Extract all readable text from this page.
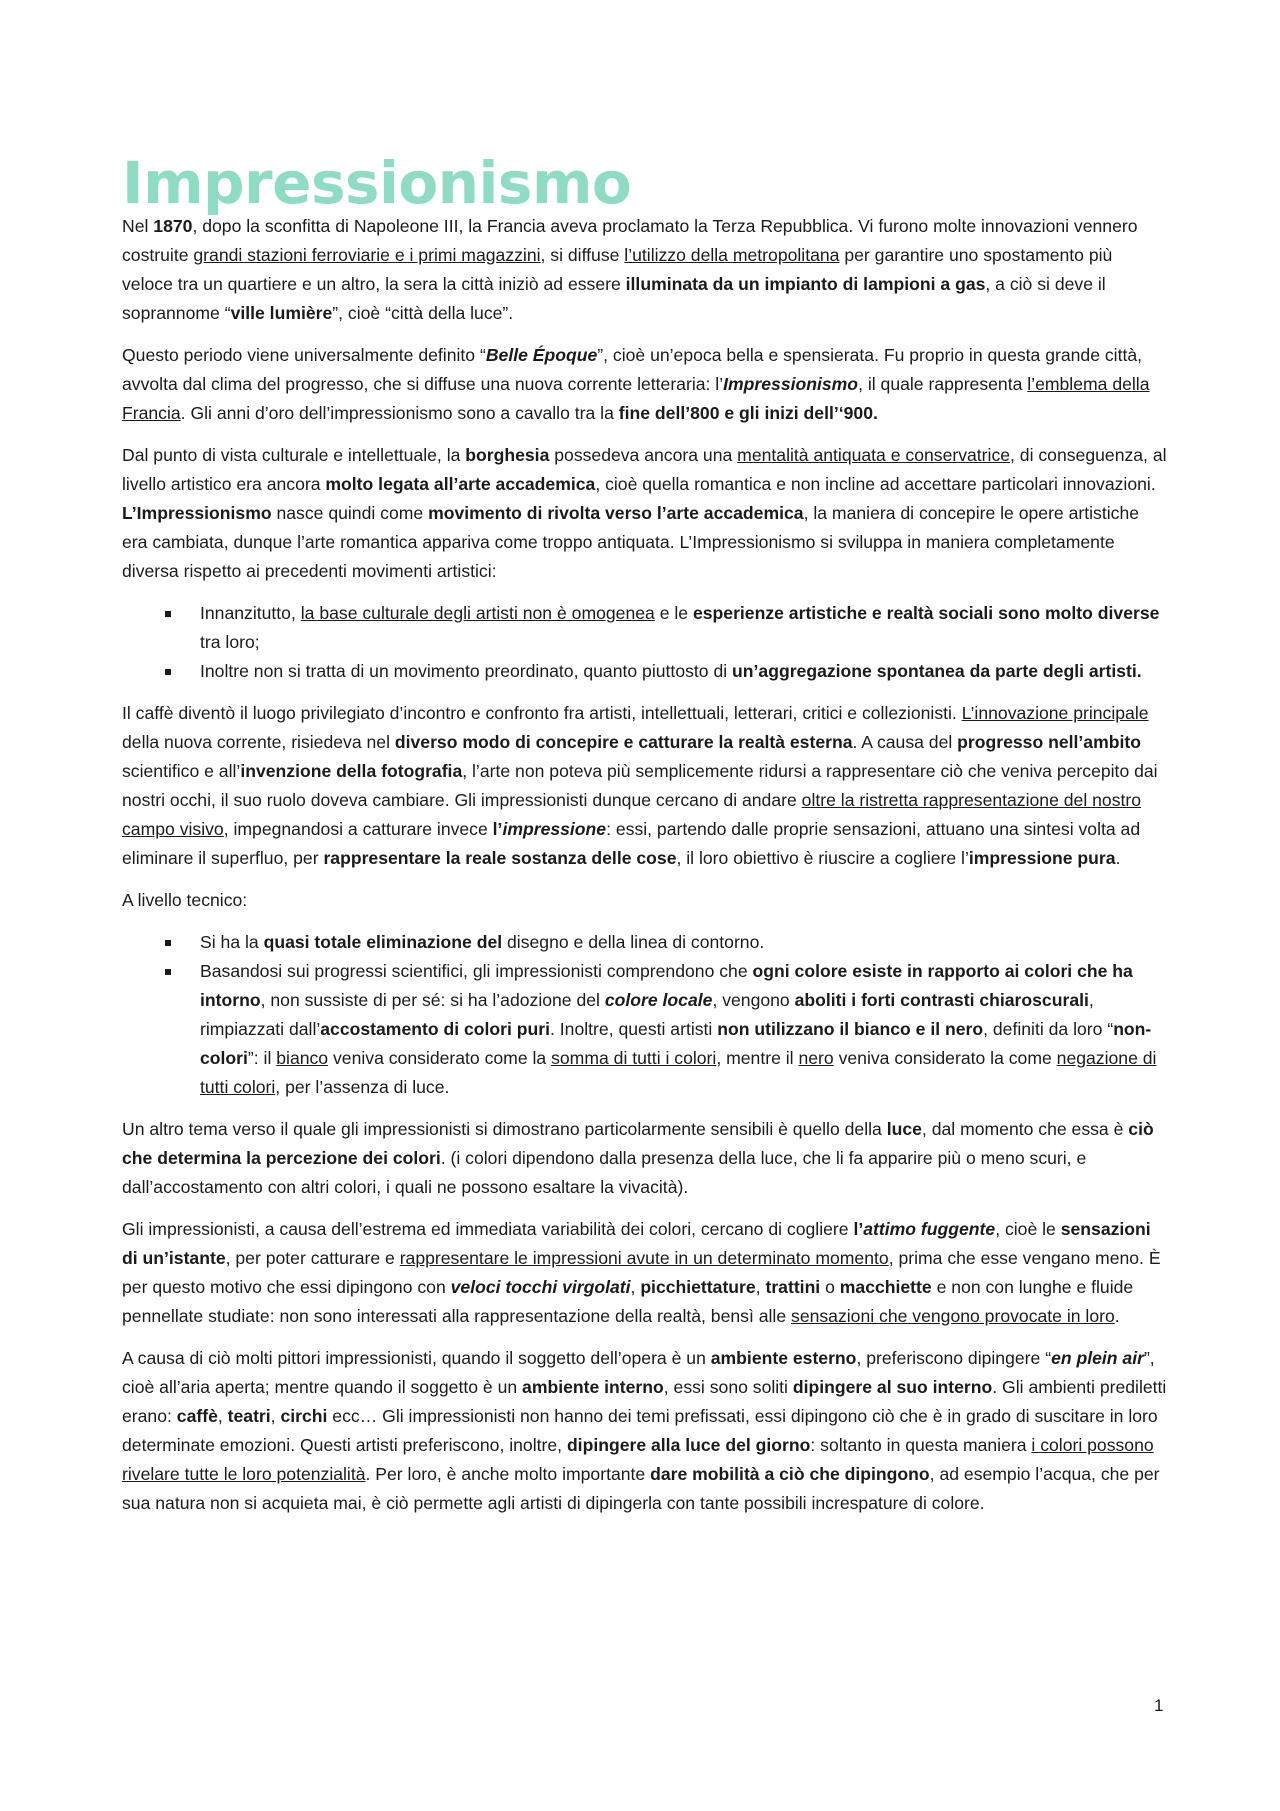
Impressionismo

Nel 1870, dopo la sconfitta di Napoleone III, la Francia aveva proclamato la Terza Repubblica. Vi furono molte innovazioni vennero costruite grandi stazioni ferroviarie e i primi magazzini, si diffuse l’utilizzo della metropolitana per garantire uno spostamento più veloce tra un quartiere e un altro, la sera la città iniziò ad essere illuminata da un impianto di lampioni a gas, a ciò si deve il soprannome “ville lumière”, cioè “città della luce”.

Questo periodo viene universalmente definito “Belle Époque”, cioè un’epoca bella e spensierata. Fu proprio in questa grande città, avvolta dal clima del progresso, che si diffuse una nuova corrente letteraria: l’Impressionismo, il quale rappresenta l’emblema della Francia. Gli anni d’oro dell’impressionismo sono a cavallo tra la fine dell’800 e gli inizi dell’‘900.

Dal punto di vista culturale e intellettuale, la borghesia possedeva ancora una mentalità antiquata e conservatrice, di conseguenza, al livello artistico era ancora molto legata all’arte accademica, cioè quella romantica e non incline ad accettare particolari innovazioni. L’Impressionismo nasce quindi come movimento di rivolta verso l’arte accademica, la maniera di concepire le opere artistiche era cambiata, dunque l’arte romantica appariva come troppo antiquata. L’Impressionismo si sviluppa in maniera completamente diversa rispetto ai precedenti movimenti artistici:

Innanzitutto, la base culturale degli artisti non è omogenea e le esperienze artistiche e realtà sociali sono molto diverse tra loro;
Inoltre non si tratta di un movimento preordinato, quanto piuttosto di un’aggregazione spontanea da parte degli artisti.

Il caffè diventò il luogo privilegiato d’incontro e confronto fra artisti, intellettuali, letterari, critici e collezionisti. L’innovazione principale della nuova corrente, risiedeva nel diverso modo di concepire e catturare la realtà esterna. A causa del progresso nell’ambito scientifico e all’invenzione della fotografia, l’arte non poteva più semplicemente ridursi a rappresentare ciò che veniva percepito dai nostri occhi, il suo ruolo doveva cambiare. Gli impressionisti dunque cercano di andare oltre la ristretta rappresentazione del nostro campo visivo, impegnandosi a catturare invece l’impressione: essi, partendo dalle proprie sensazioni, attuano una sintesi volta ad eliminare il superfluo, per rappresentare la reale sostanza delle cose, il loro obiettivo è riuscire a cogliere l’impressione pura.

A livello tecnico:

Si ha la quasi totale eliminazione del disegno e della linea di contorno.
Basandosi sui progressi scientifici, gli impressionisti comprendono che ogni colore esiste in rapporto ai colori che ha intorno, non sussiste di per sé: si ha l’adozione del colore locale, vengono aboliti i forti contrasti chiaroscurali, rimpiazzati dall’accostamento di colori puri. Inoltre, questi artisti non utilizzano il bianco e il nero, definiti da loro “non-colori”: il bianco veniva considerato come la somma di tutti i colori, mentre il nero veniva considerato la come negazione di tutti colori, per l’assenza di luce.

Un altro tema verso il quale gli impressionisti si dimostrano particolarmente sensibili è quello della luce, dal momento che essa è ciò che determina la percezione dei colori. (i colori dipendono dalla presenza della luce, che li fa apparire più o meno scuri, e dall’accostamento con altri colori, i quali ne possono esaltare la vivacità).

Gli impressionisti, a causa dell’estrema ed immediata variabilità dei colori, cercano di cogliere l’attimo fuggente, cioè le sensazioni di un’istante, per poter catturare e rappresentare le impressioni avute in un determinato momento, prima che esse vengano meno. È per questo motivo che essi dipingono con veloci tocchi virgolati, picchiettature, trattini o macchiette e non con lunghe e fluide pennellate studiate: non sono interessati alla rappresentazione della realtà, bensì alle sensazioni che vengono provocate in loro.

A causa di ciò molti pittori impressionisti, quando il soggetto dell’opera è un ambiente esterno, preferiscono dipingere “en plein air”, cioè all’aria aperta; mentre quando il soggetto è un ambiente interno, essi sono soliti dipingere al suo interno. Gli ambienti prediletti erano: caffè, teatri, circhi ecc… Gli impressionisti non hanno dei temi prefissati, essi dipingono ciò che è in grado di suscitare in loro determinate emozioni. Questi artisti preferiscono, inoltre, dipingere alla luce del giorno: soltanto in questa maniera i colori possono rivelare tutte le loro potenzialità. Per loro, è anche molto importante dare mobilità a ciò che dipingono, ad esempio l’acqua, che per sua natura non si acquieta mai, è ciò permette agli artisti di dipingerla con tante possibili increspature di colore.

1
